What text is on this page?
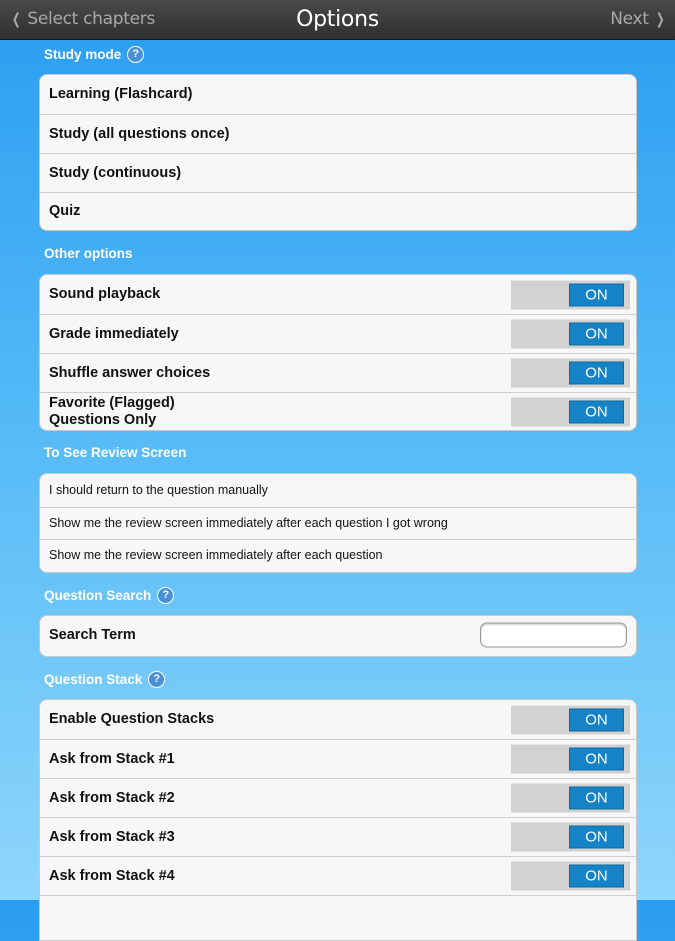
❮ Select chapters	Options	Next ❯
Study mode	?
Learning (Flashcard)
Study (all questions once)
Study (continuous)
Quiz
Other options
Sound playback	ON
Grade immediately	ON
Shuffle answer choices	ON
Favorite (Flagged)
Questions Only	ON
To See Review Screen
I should return to the question manually
Show me the review screen immediately after each question I got wrong
Show me the review screen immediately after each question
Question Search	?
Search Term
Question Stack	?
Enable Question Stacks	ON
Ask from Stack #1	ON
Ask from Stack #2	ON
Ask from Stack #3	ON
Ask from Stack #4	ON
